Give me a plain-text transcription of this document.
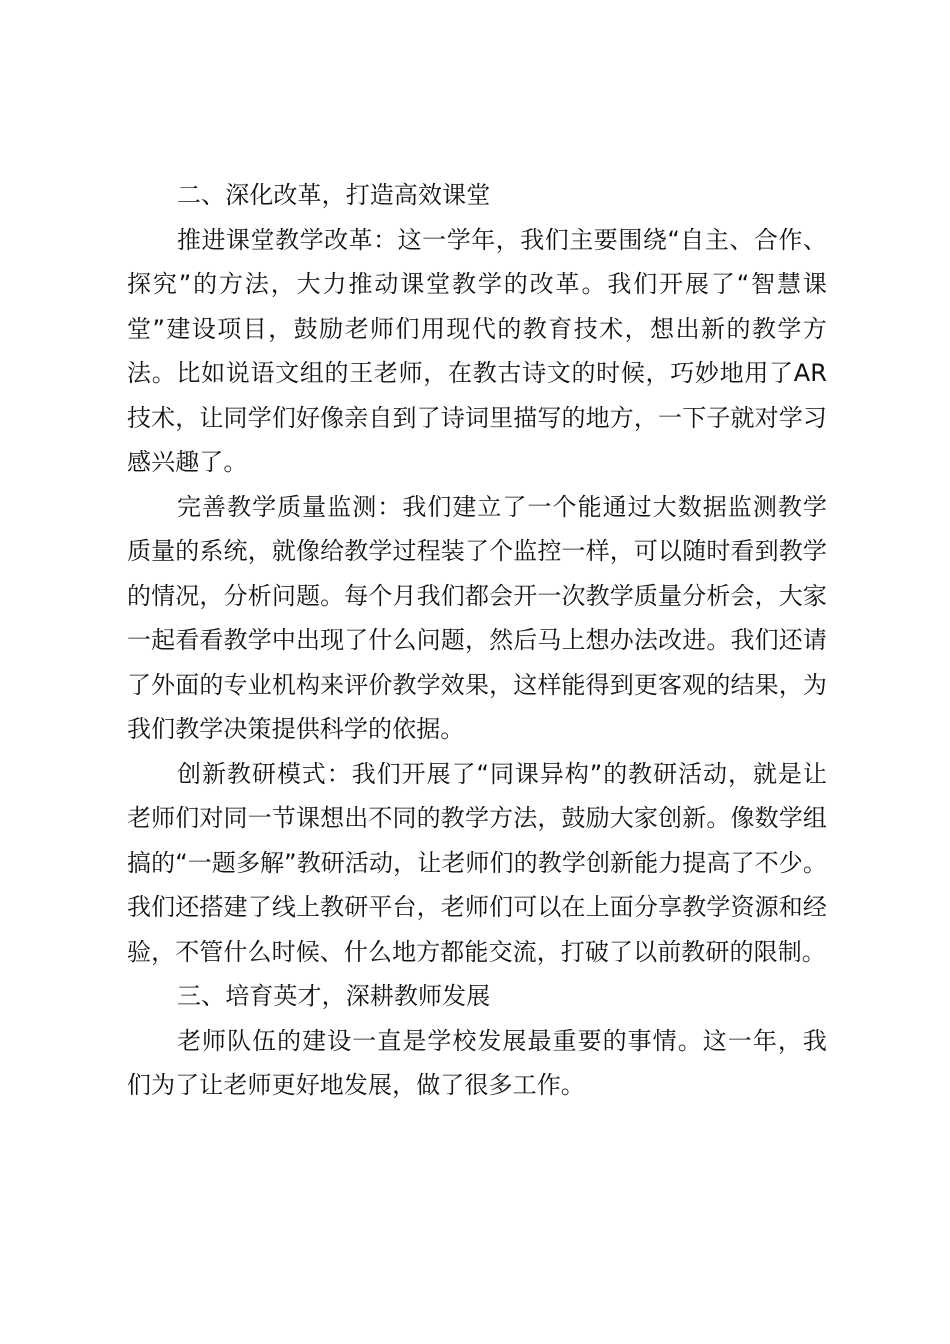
二、深化改革，打造高效课堂

推进课堂教学改革：这一学年，我们主要围绕“自主、合作、探究”的方法，大力推动课堂教学的改革。我们开展了“智慧课堂”建设项目，鼓励老师们用现代的教育技术，想出新的教学方法。比如说语文组的王老师，在教古诗文的时候，巧妙地用了AR技术，让同学们好像亲自到了诗词里描写的地方，一下子就对学习感兴趣了。

完善教学质量监测：我们建立了一个能通过大数据监测教学质量的系统，就像给教学过程装了个监控一样，可以随时看到教学的情况，分析问题。每个月我们都会开一次教学质量分析会，大家一起看看教学中出现了什么问题，然后马上想办法改进。我们还请了外面的专业机构来评价教学效果，这样能得到更客观的结果，为我们教学决策提供科学的依据。

创新教研模式：我们开展了“同课异构”的教研活动，就是让老师们对同一节课想出不同的教学方法，鼓励大家创新。像数学组搞的“一题多解”教研活动，让老师们的教学创新能力提高了不少。我们还搭建了线上教研平台，老师们可以在上面分享教学资源和经验，不管什么时候、什么地方都能交流，打破了以前教研的限制。

三、培育英才，深耕教师发展

老师队伍的建设一直是学校发展最重要的事情。这一年，我们为了让老师更好地发展，做了很多工作。
